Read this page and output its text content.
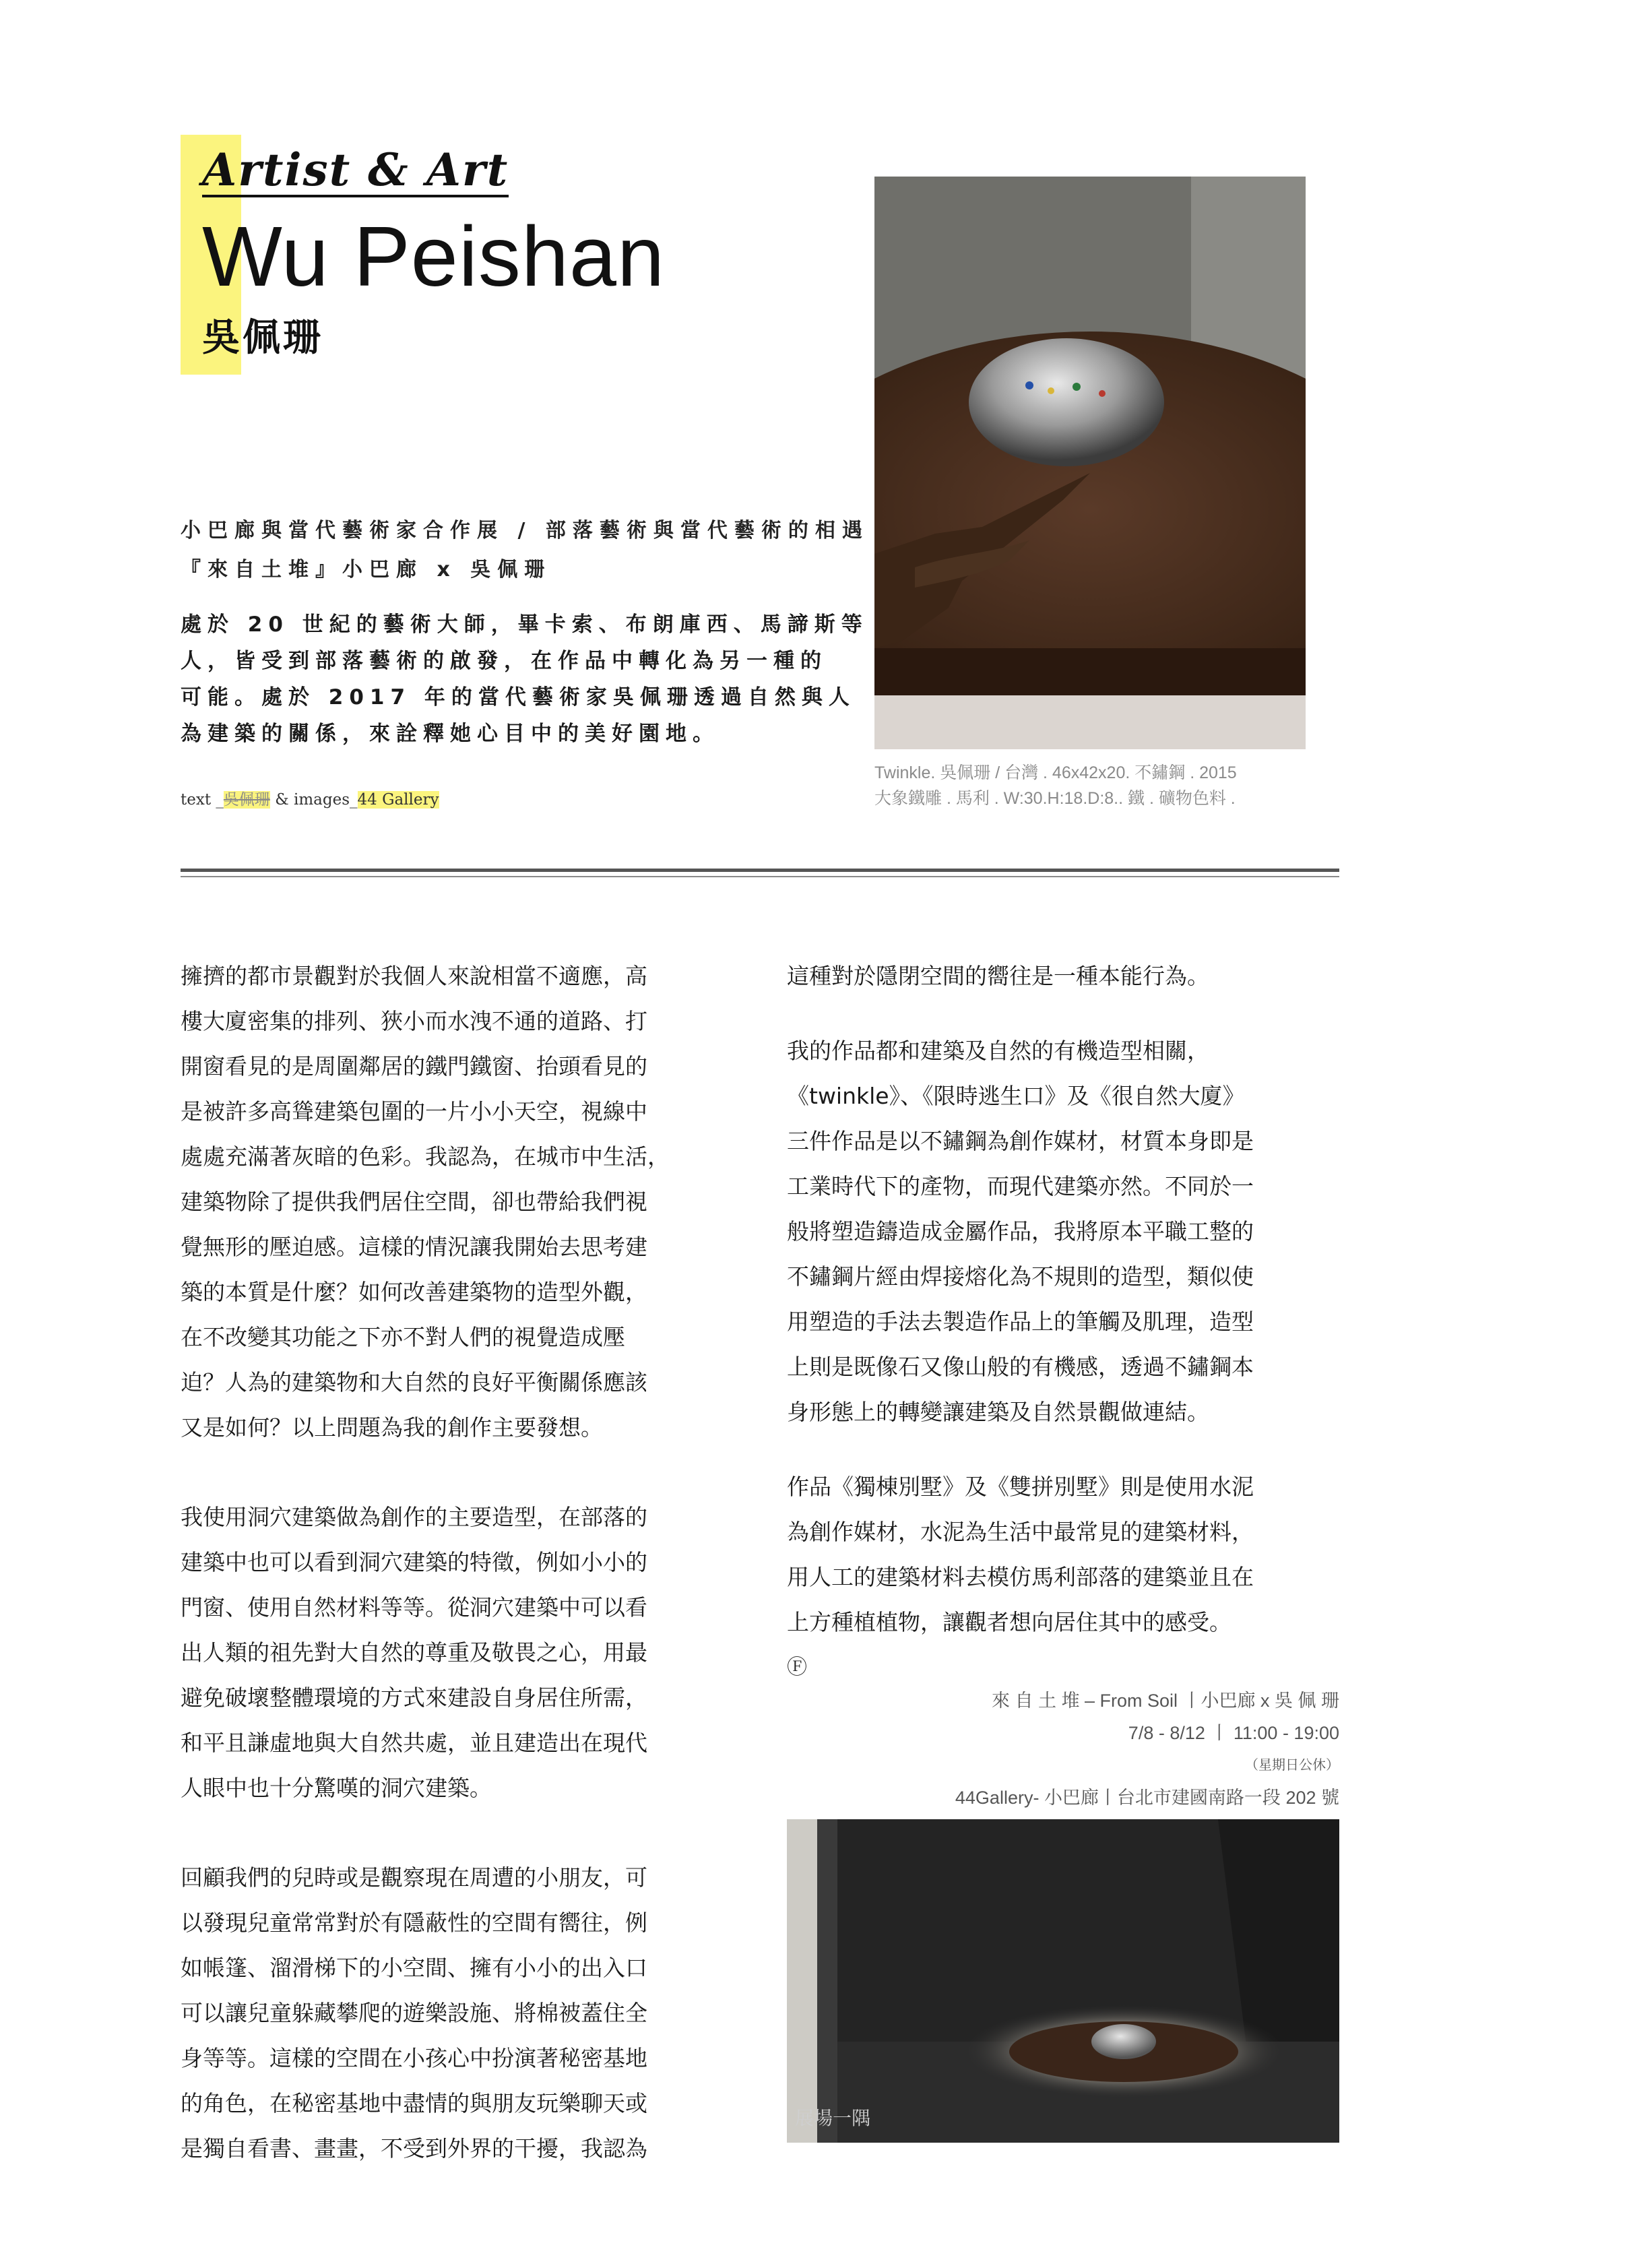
Artist & Art
Wu Peishan
吳佩珊
小巴廊與當代藝術家合作展 / 部落藝術與當代藝術的相遇
『來自土堆』小巴廊 x 吳佩珊
處於 20 世紀的藝術大師，畢卡索、布朗庫西、馬諦斯等
人，皆受到部落藝術的啟發，在作品中轉化為另一種的
可能。處於 2017 年的當代藝術家吳佩珊透過自然與人
為建築的關係，來詮釋她心目中的美好園地。
text _吳佩珊 & images_44 Gallery
Twinkle. 吳佩珊 / 台灣 . 46x42x20. 不鏽鋼 . 2015
大象鐵雕 . 馬利 . W:30.H:18.D:8.. 鐵 . 礦物色料 .
擁擠的都市景觀對於我個人來說相當不適應，高
樓大廈密集的排列、狹小而水洩不通的道路、打
開窗看見的是周圍鄰居的鐵門鐵窗、抬頭看見的
是被許多高聳建築包圍的一片小小天空，視線中
處處充滿著灰暗的色彩。我認為，在城市中生活，
建築物除了提供我們居住空間，卻也帶給我們視
覺無形的壓迫感。這樣的情況讓我開始去思考建
築的本質是什麼？如何改善建築物的造型外觀，
在不改變其功能之下亦不對人們的視覺造成壓
迫？人為的建築物和大自然的良好平衡關係應該
又是如何？以上問題為我的創作主要發想。
我使用洞穴建築做為創作的主要造型，在部落的
建築中也可以看到洞穴建築的特徵，例如小小的
門窗、使用自然材料等等。從洞穴建築中可以看
出人類的祖先對大自然的尊重及敬畏之心，用最
避免破壞整體環境的方式來建設自身居住所需，
和平且謙虛地與大自然共處，並且建造出在現代
人眼中也十分驚嘆的洞穴建築。
回顧我們的兒時或是觀察現在周遭的小朋友，可
以發現兒童常常對於有隱蔽性的空間有嚮往，例
如帳篷、溜滑梯下的小空間、擁有小小的出入口
可以讓兒童躲藏攀爬的遊樂設施、將棉被蓋住全
身等等。這樣的空間在小孩心中扮演著秘密基地
的角色，在秘密基地中盡情的與朋友玩樂聊天或
是獨自看書、畫畫，不受到外界的干擾，我認為
這種對於隱閉空間的嚮往是一種本能行為。
我的作品都和建築及自然的有機造型相關，
《twinkle》、《限時逃生口》及《很自然大廈》
三件作品是以不鏽鋼為創作媒材，材質本身即是
工業時代下的產物，而現代建築亦然。不同於一
般將塑造鑄造成金屬作品，我將原本平職工整的
不鏽鋼片經由焊接熔化為不規則的造型，類似使
用塑造的手法去製造作品上的筆觸及肌理，造型
上則是既像石又像山般的有機感，透過不鏽鋼本
身形態上的轉變讓建築及自然景觀做連結。
作品《獨棟別墅》及《雙拼別墅》則是使用水泥
為創作媒材，水泥為生活中最常見的建築材料，
用人工的建築材料去模仿馬利部落的建築並且在
上方種植植物，讓觀者想向居住其中的感受。
Ⓕ
來 自 土 堆 – From Soil 丨小巴廊 x 吳 佩 珊
7/8 - 8/12 丨 11:00 - 19:00
（星期日公休）
44Gallery- 小巴廊丨台北市建國南路一段 202 號
展場一隅
